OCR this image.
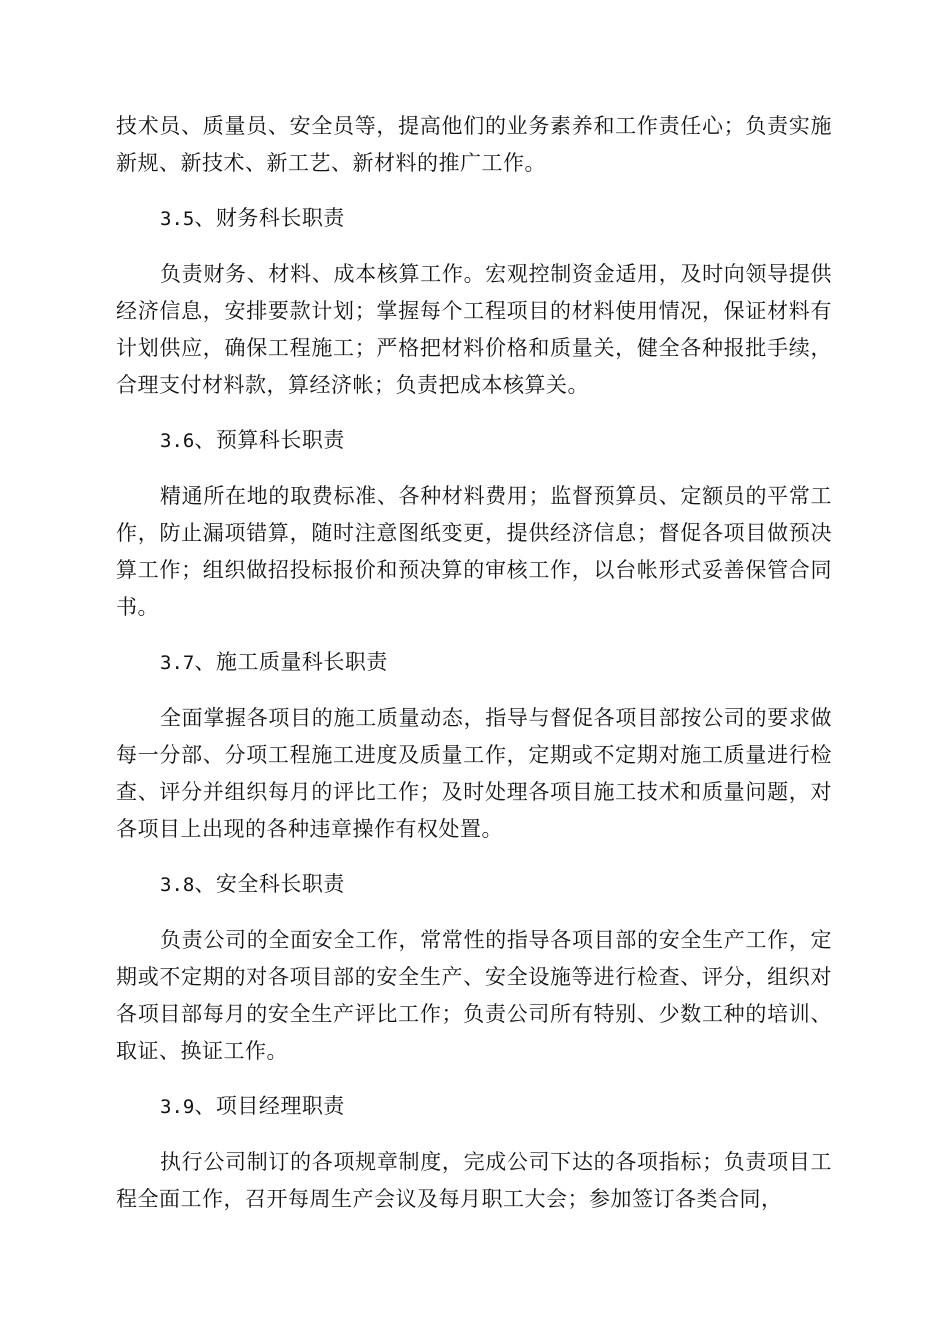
技术员、质量员、安全员等，提高他们的业务素养和工作责任心；负责实施新规、新技术、新工艺、新材料的推广工作。

3.5、财务科长职责

负责财务、材料、成本核算工作。宏观控制资金适用，及时向领导提供经济信息，安排要款计划；掌握每个工程项目的材料使用情况，保证材料有计划供应，确保工程施工；严格把材料价格和质量关，健全各种报批手续，合理支付材料款，算经济帐；负责把成本核算关。

3.6、预算科长职责

精通所在地的取费标准、各种材料费用；监督预算员、定额员的平常工作，防止漏项错算，随时注意图纸变更，提供经济信息；督促各项目做预决算工作；组织做招投标报价和预决算的审核工作，以台帐形式妥善保管合同书。

3.7、施工质量科长职责

全面掌握各项目的施工质量动态，指导与督促各项目部按公司的要求做每一分部、分项工程施工进度及质量工作，定期或不定期对施工质量进行检查、评分并组织每月的评比工作；及时处理各项目施工技术和质量问题，对各项目上出现的各种违章操作有权处置。

3.8、安全科长职责

负责公司的全面安全工作，常常性的指导各项目部的安全生产工作，定期或不定期的对各项目部的安全生产、安全设施等进行检查、评分，组织对各项目部每月的安全生产评比工作；负责公司所有特别、少数工种的培训、取证、换证工作。

3.9、项目经理职责

执行公司制订的各项规章制度，完成公司下达的各项指标；负责项目工程全面工作，召开每周生产会议及每月职工大会；参加签订各类合同，
